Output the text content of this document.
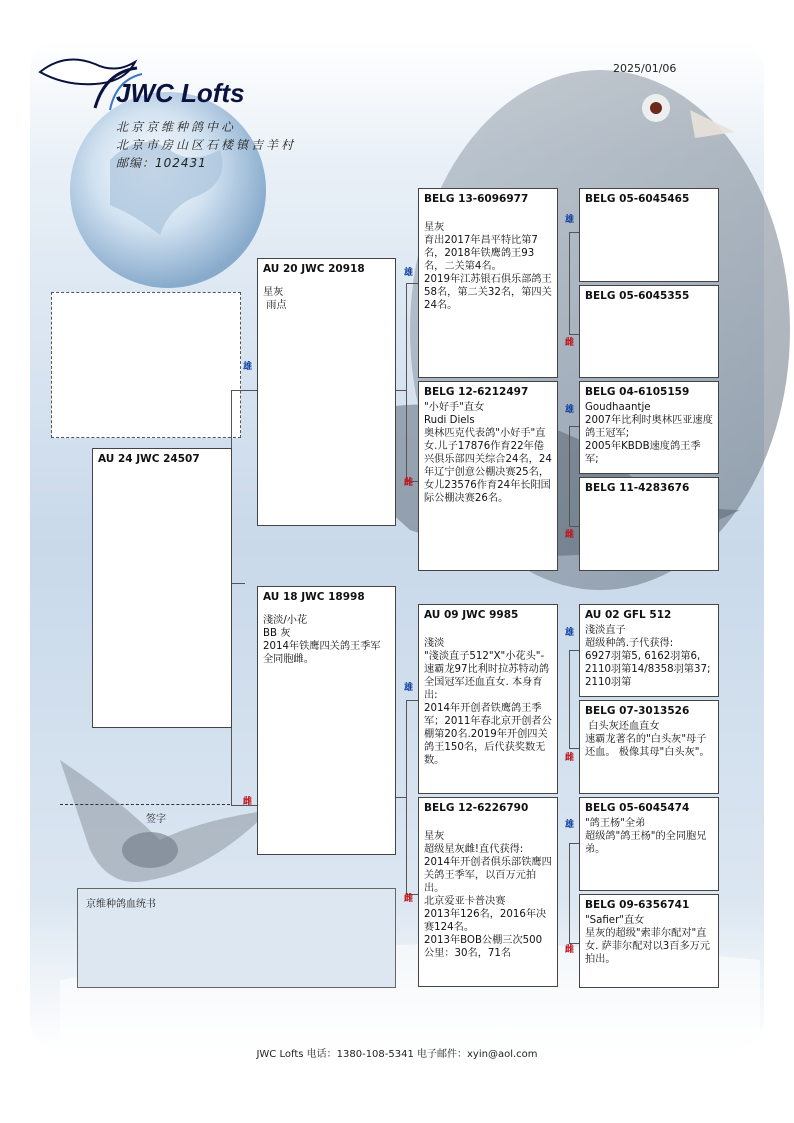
JWC Lofts
北京京维种鸽中心
北京市房山区石楼镇吉羊村
邮编：102431
2025/01/06
雄
雌
雄
雌
雄
雌
雄
雌
雄
雌
雄
雌
雄
雌
AU 24 JWC 24507
AU 20 JWC 20918
星灰
雨点
AU 18 JWC 18998
淺淡/小花
BB 灰
2014年铁鹰四关鸽王季军全同胞雌。
BELG 13-6096977

星灰
育出2017年昌平特比第7名，2018年铁鹰鸽王93名，二关第4名。
2019年江苏银石俱乐部鸽王58名，第二关32名，第四关24名。
BELG 12-6212497
"小好手"直女
Rudi Diels
奥林匹克代表鸽"小好手"直女.儿子17876作育22年倦兴俱乐部四关综合24名，24年辽宁创意公棚决赛25名，女儿23576作育24年长阳国际公棚决赛26名。
AU 09 JWC 9985

淺淡
"淺淡直子512"X"小花头"-速霸龙97比利时拉苏特动鸽全国冠军还血直女. 本身育出:
2014年开创者铁鹰鸽王季军；2011年春北京开创者公棚第20名.2019年开创四关鸽王150名，后代获奖数无数。
BELG 12-6226790

星灰
超级星灰雌!直代获得:
2014年开创者俱乐部铁鹰四关鸽王季军，以百万元拍出。
北京爱亚卡普决赛
2013年126名，2016年决赛124名。
2013年BOB公棚三次500公里：30名，71名
BELG 05-6045465
BELG 05-6045355
BELG 04-6105159
Goudhaantje
2007年比利时奥林匹亚速度鸽王冠军;
2005年KBDB速度鸽王季军;
BELG 11-4283676
AU 02 GFL 512
淺淡直子
超级种鸽.子代获得:
6927羽第5, 6162羽第6, 2110羽第14/8358羽第37; 2110羽第
BELG 07-3013526
白头灰还血直女
速霸龙著名的"白头灰"母子还血。 极像其母"白头灰"。
BELG 05-6045474
"鸽王杨"全弟
超级鸽"鸽王杨"的全同胞兄弟。
BELG 09-6356741
"Safier"直女
星灰的超级"索菲尔配对"直女. 萨菲尔配对以3百多万元拍出。
签字
京维种鸽血统书
JWC Lofts 电话：1380-108-5341 电子邮件：xyin@aol.com
